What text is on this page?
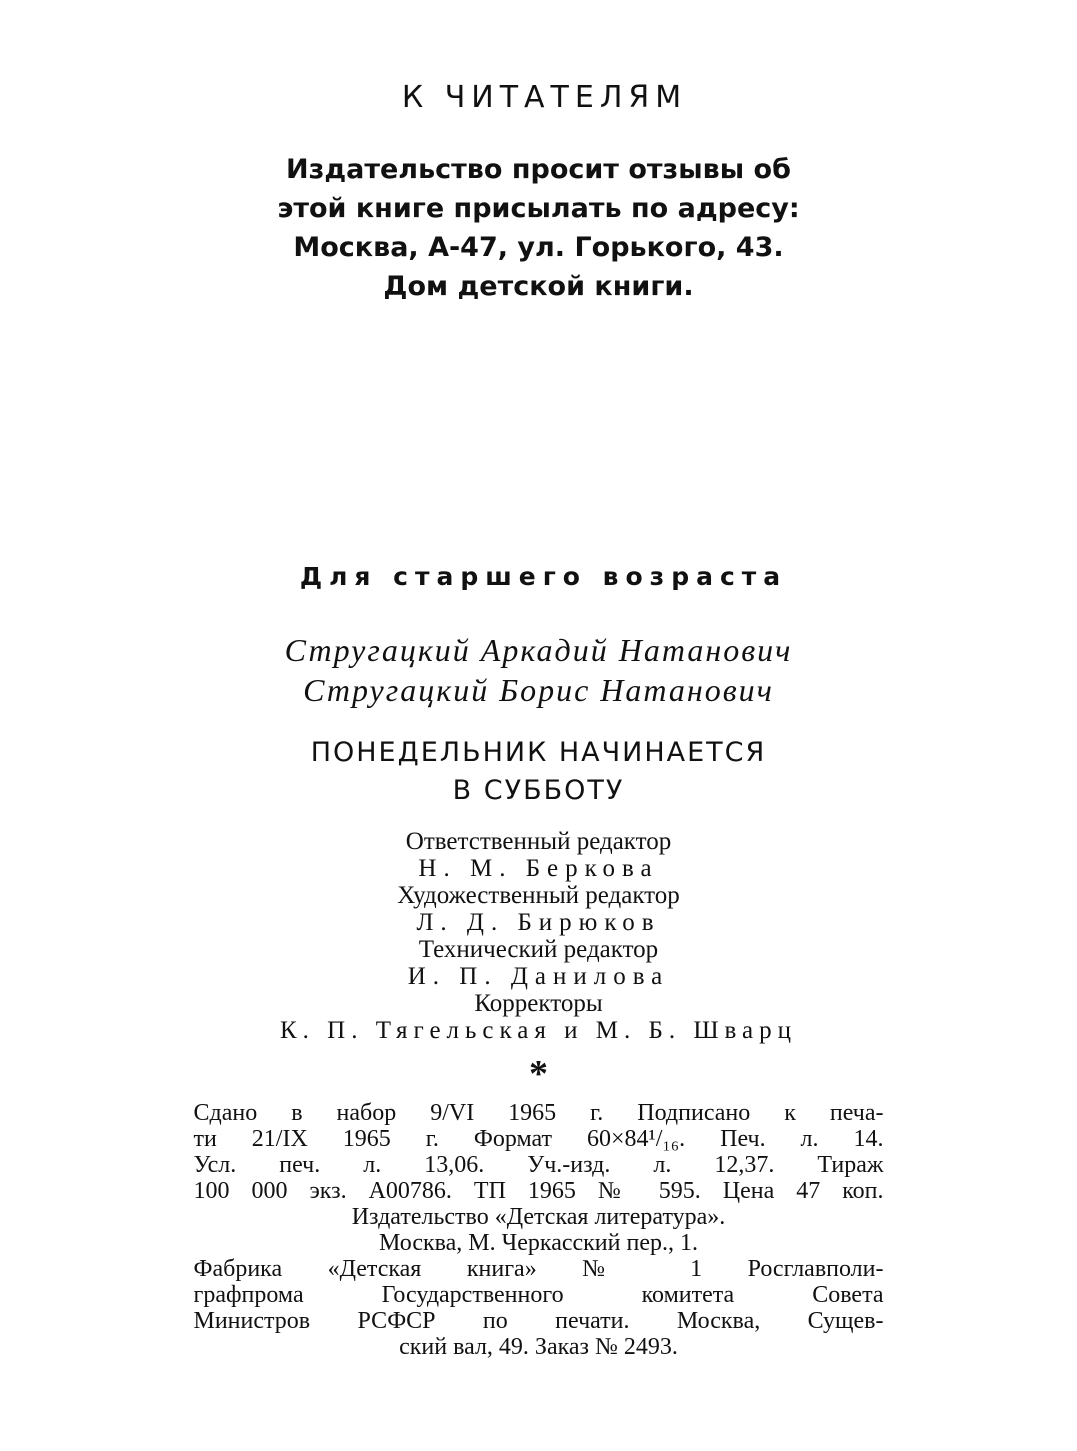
К ЧИТАТЕЛЯМ
Издательство просит отзывы об
этой книге присылать по адресу:
Москва, А-47, ул. Горького, 43.
Дом детской книги.
Для старшего возраста
Стругацкий Аркадий Натанович
Стругацкий Борис Натанович
ПОНЕДЕЛЬНИК НАЧИНАЕТСЯ
В СУББОТУ
Ответственный редактор
Н. М. Беркова
Художественный редактор
Л. Д. Бирюков
Технический редактор
И. П. Данилова
Корректоры
К. П. Тягельская и М. Б. Шварц
*
Сдано в набор 9/VI 1965 г. Подписано к печа-
ти 21/IX 1965 г. Формат 60×84¹/₁₆. Печ. л. 14.
Усл. печ. л. 13,06. Уч.-изд. л. 12,37. Тираж
100 000 экз. А00786. ТП 1965 № 595. Цена 47 коп.
Издательство «Детская литература».
Москва, М. Черкасский пер., 1.
Фабрика «Детская книга» № 1 Росглавполи-
графпрома Государственного комитета Совета
Министров РСФСР по печати. Москва, Сущев-
ский вал, 49. Заказ № 2493.
